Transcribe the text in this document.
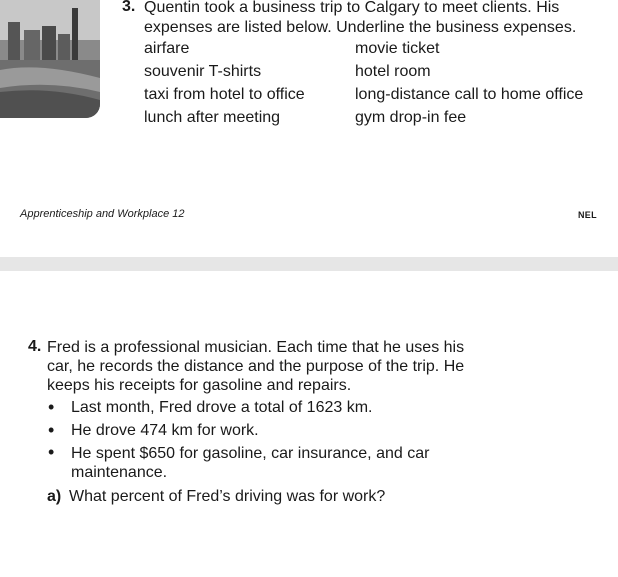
3. Quentin took a business trip to Calgary to meet clients. His
expenses are listed below. Underline the business expenses.
airfare
souvenir T-shirts
taxi from hotel to office
lunch after meeting
movie ticket
hotel room
long-distance call to home office
gym drop-in fee
Apprenticeship and Workplace 12	NEL
4. Fred is a professional musician. Each time that he uses his
car, he records the distance and the purpose of the trip. He
keeps his receipts for gasoline and repairs.
• Last month, Fred drove a total of 1623 km.
• He drove 474 km for work.
• He spent $650 for gasoline, car insurance, and car
maintenance.
a) What percent of Fred’s driving was for work?
